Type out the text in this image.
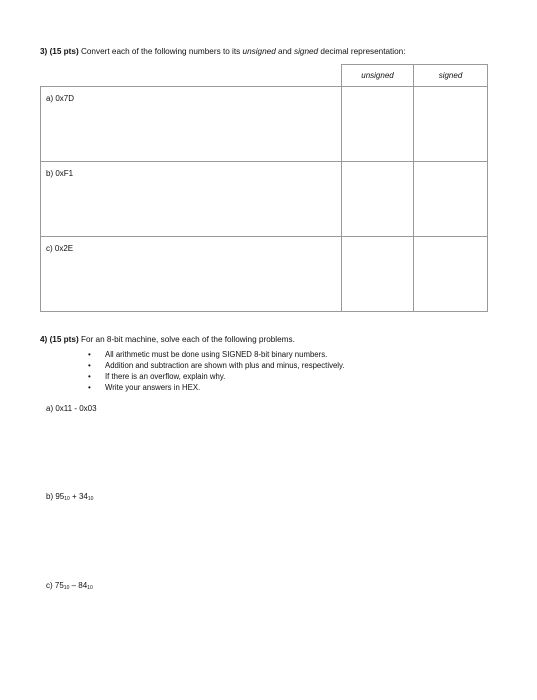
3) (15 pts) Convert each of the following numbers to its unsigned and signed decimal representation:
	unsigned	signed

a) 0x7D		

b) 0xF1		

c) 0x2E		

4) (15 pts) For an 8-bit machine, solve each of the following problems.
• All arithmetic must be done using SIGNED 8-bit binary numbers.
• Addition and subtraction are shown with plus and minus, respectively.
• If there is an overflow, explain why.
• Write your answers in HEX.
a) 0x11 - 0x03
b) $95_{10} + 34_{10}$
c) $75_{10} - 84_{10}$
